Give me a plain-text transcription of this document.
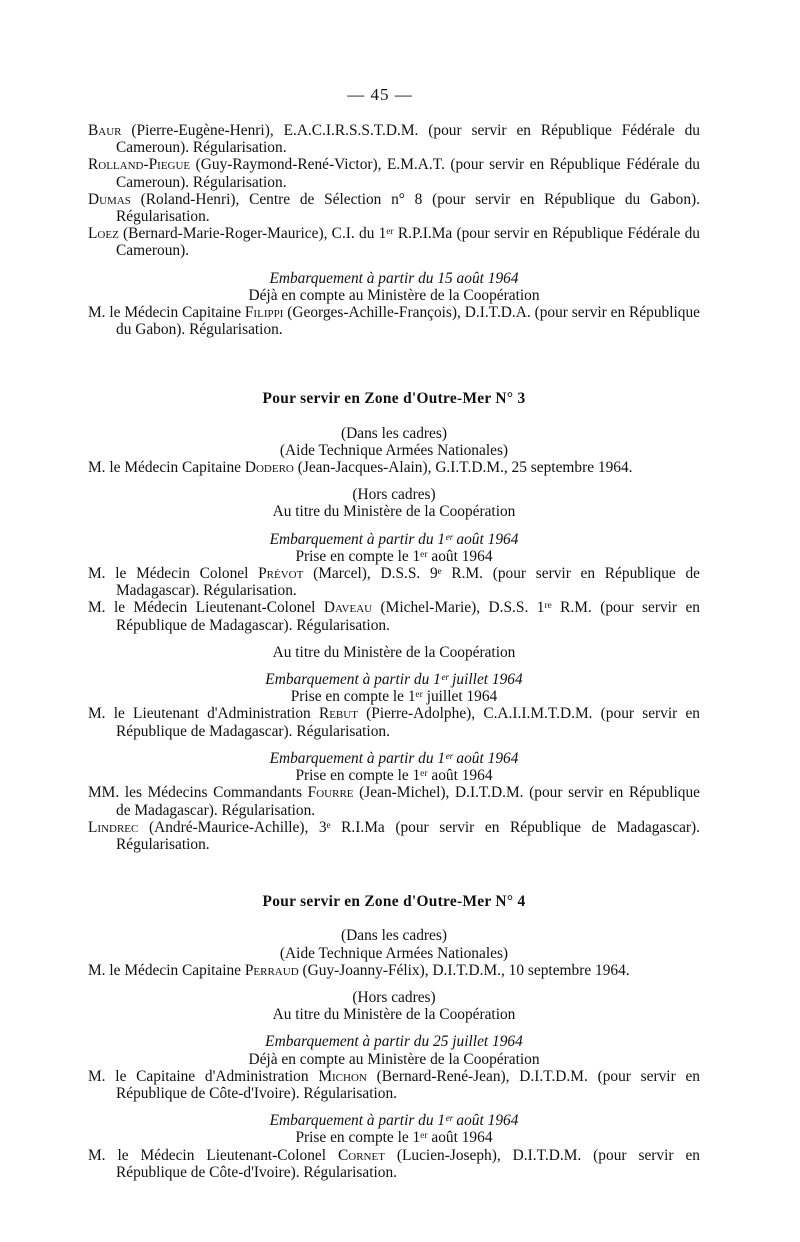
— 45 —

Baur (Pierre-Eugène-Henri), E.A.C.I.R.S.S.T.D.M. (pour servir en République Fédérale du Cameroun). Régularisation.

Rolland-Piegue (Guy-Raymond-René-Victor), E.M.A.T. (pour servir en République Fédérale du Cameroun). Régularisation.

Dumas (Roland-Henri), Centre de Sélection n° 8 (pour servir en République du Gabon). Régularisation.

Loez (Bernard-Marie-Roger-Maurice), C.I. du 1ᵉʳ R.P.I.Ma (pour servir en République Fédérale du Cameroun).

Embarquement à partir du 15 août 1964

Déjà en compte au Ministère de la Coopération

M. le Médecin Capitaine Filippi (Georges-Achille-François), D.I.T.D.A. (pour servir en République du Gabon). Régularisation.

Pour servir en Zone d'Outre-Mer N° 3

(Dans les cadres)

(Aide Technique Armées Nationales)

M. le Médecin Capitaine Dodero (Jean-Jacques-Alain), G.I.T.D.M., 25 septembre 1964.

(Hors cadres)

Au titre du Ministère de la Coopération

Embarquement à partir du 1ᵉʳ août 1964

Prise en compte le 1ᵉʳ août 1964

M. le Médecin Colonel Prévot (Marcel), D.S.S. 9ᵉ R.M. (pour servir en République de Madagascar). Régularisation.

M. le Médecin Lieutenant-Colonel Daveau (Michel-Marie), D.S.S. 1ʳᵉ R.M. (pour servir en République de Madagascar). Régularisation.

Au titre du Ministère de la Coopération

Embarquement à partir du 1ᵉʳ juillet 1964

Prise en compte le 1ᵉʳ juillet 1964

M. le Lieutenant d'Administration Rebut (Pierre-Adolphe), C.A.I.I.M.T.D.M. (pour servir en République de Madagascar). Régularisation.

Embarquement à partir du 1ᵉʳ août 1964

Prise en compte le 1ᵉʳ août 1964

MM. les Médecins Commandants Fourre (Jean-Michel), D.I.T.D.M. (pour servir en République de Madagascar). Régularisation.

Lindrec (André-Maurice-Achille), 3ᵉ R.I.Ma (pour servir en République de Madagascar). Régularisation.

Pour servir en Zone d'Outre-Mer N° 4

(Dans les cadres)

(Aide Technique Armées Nationales)

M. le Médecin Capitaine Perraud (Guy-Joanny-Félix), D.I.T.D.M., 10 septembre 1964.

(Hors cadres)

Au titre du Ministère de la Coopération

Embarquement à partir du 25 juillet 1964

Déjà en compte au Ministère de la Coopération

M. le Capitaine d'Administration Michon (Bernard-René-Jean), D.I.T.D.M. (pour servir en République de Côte-d'Ivoire). Régularisation.

Embarquement à partir du 1ᵉʳ août 1964

Prise en compte le 1ᵉʳ août 1964

M. le Médecin Lieutenant-Colonel Cornet (Lucien-Joseph), D.I.T.D.M. (pour servir en République de Côte-d'Ivoire). Régularisation.
